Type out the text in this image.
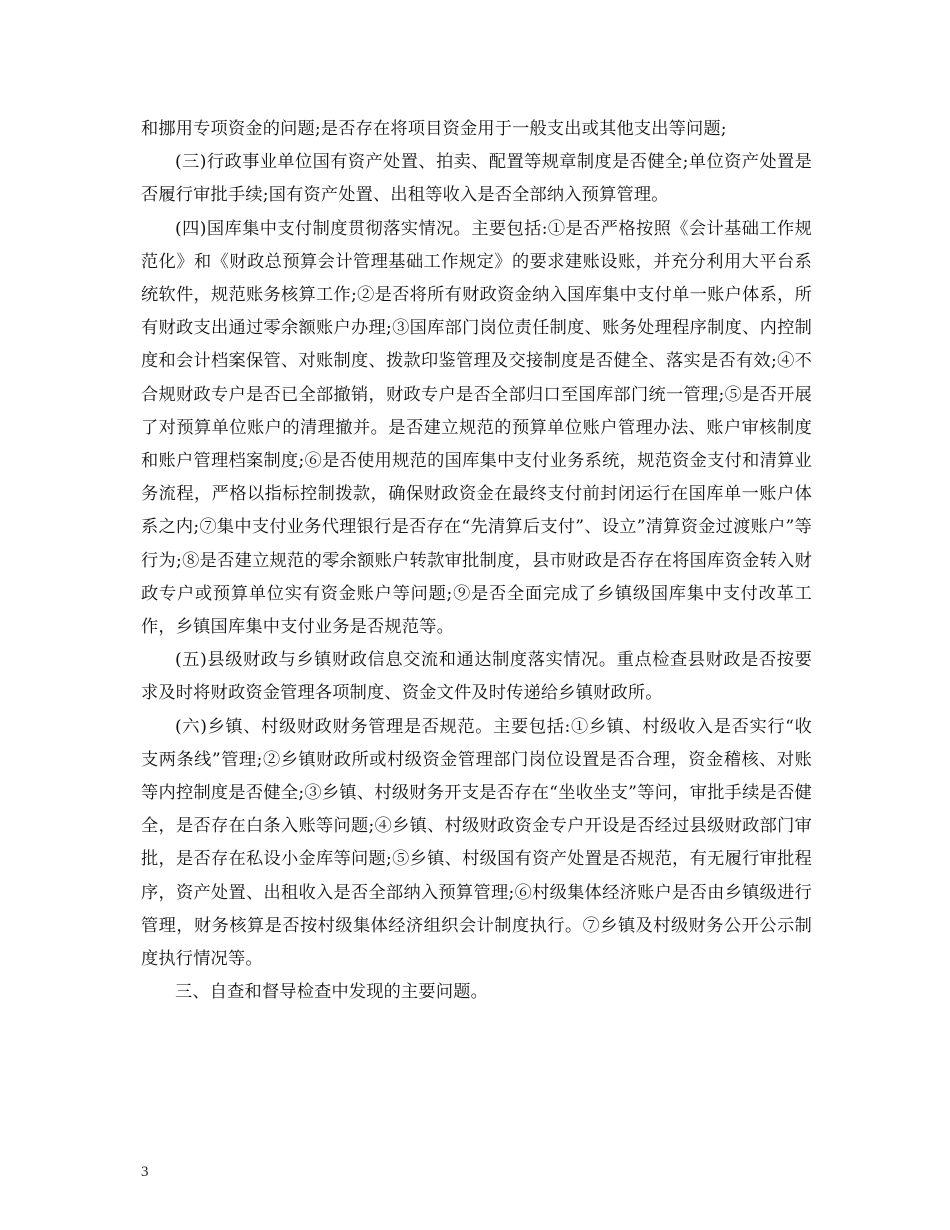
和挪用专项资金的问题;是否存在将项目资金用于一般支出或其他支出等问题;

(三)行政事业单位国有资产处置、拍卖、配置等规章制度是否健全;单位资产处置是否履行审批手续;国有资产处置、出租等收入是否全部纳入预算管理。

(四)国库集中支付制度贯彻落实情况。主要包括:①是否严格按照《会计基础工作规范化》和《财政总预算会计管理基础工作规定》的要求建账设账，并充分利用大平台系统软件，规范账务核算工作;②是否将所有财政资金纳入国库集中支付单一账户体系，所有财政支出通过零余额账户办理;③国库部门岗位责任制度、账务处理程序制度、内控制度和会计档案保管、对账制度、拨款印鉴管理及交接制度是否健全、落实是否有效;④不合规财政专户是否已全部撤销，财政专户是否全部归口至国库部门统一管理;⑤是否开展了对预算单位账户的清理撤并。是否建立规范的预算单位账户管理办法、账户审核制度和账户管理档案制度;⑥是否使用规范的国库集中支付业务系统，规范资金支付和清算业务流程，严格以指标控制拨款，确保财政资金在最终支付前封闭运行在国库单一账户体系之内;⑦集中支付业务代理银行是否存在“先清算后支付”、设立”清算资金过渡账户”等行为;⑧是否建立规范的零余额账户转款审批制度，县市财政是否存在将国库资金转入财政专户或预算单位实有资金账户等问题;⑨是否全面完成了乡镇级国库集中支付改革工作，乡镇国库集中支付业务是否规范等。

(五)县级财政与乡镇财政信息交流和通达制度落实情况。重点检查县财政是否按要求及时将财政资金管理各项制度、资金文件及时传递给乡镇财政所。

(六)乡镇、村级财政财务管理是否规范。主要包括:①乡镇、村级收入是否实行“收支两条线”管理;②乡镇财政所或村级资金管理部门岗位设置是否合理，资金稽核、对账等内控制度是否健全;③乡镇、村级财务开支是否存在“坐收坐支”等问，审批手续是否健全，是否存在白条入账等问题;④乡镇、村级财政资金专户开设是否经过县级财政部门审批，是否存在私设小金库等问题;⑤乡镇、村级国有资产处置是否规范，有无履行审批程序，资产处置、出租收入是否全部纳入预算管理;⑥村级集体经济账户是否由乡镇级进行管理，财务核算是否按村级集体经济组织会计制度执行。⑦乡镇及村级财务公开公示制度执行情况等。

三、自查和督导检查中发现的主要问题。

3
